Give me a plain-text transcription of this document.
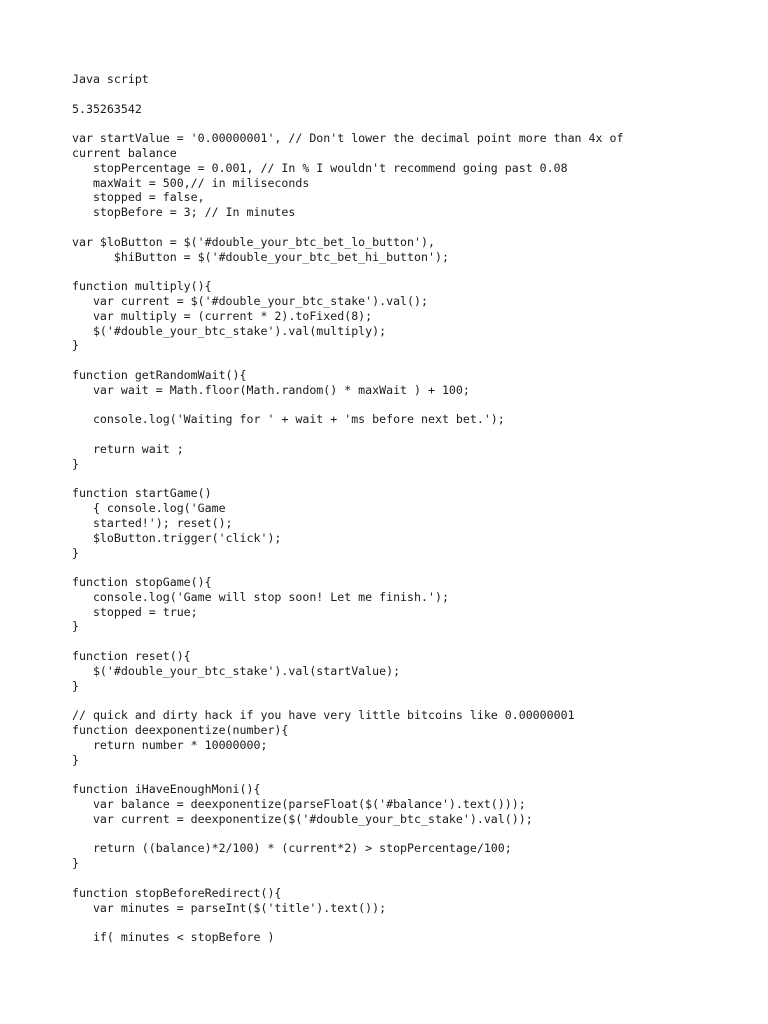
Java script
5.35263542
var startValue = '0.00000001', // Don't lower the decimal point more than 4x of
current balance
stopPercentage = 0.001, // In % I wouldn't recommend going past 0.08
maxWait = 500,// in miliseconds
stopped = false,
stopBefore = 3; // In minutes
var $loButton = $('#double_your_btc_bet_lo_button'),
$hiButton = $('#double_your_btc_bet_hi_button');
function multiply(){
var current = $('#double_your_btc_stake').val();
var multiply = (current * 2).toFixed(8);
$('#double_your_btc_stake').val(multiply);
}
function getRandomWait(){
var wait = Math.floor(Math.random() * maxWait ) + 100;
console.log('Waiting for ' + wait + 'ms before next bet.');
return wait ;
}
function startGame()
{ console.log('Game
started!'); reset();
$loButton.trigger('click');
}
function stopGame(){
console.log('Game will stop soon! Let me finish.');
stopped = true;
}
function reset(){
$('#double_your_btc_stake').val(startValue);
}
// quick and dirty hack if you have very little bitcoins like 0.00000001
function deexponentize(number){
return number * 10000000;
}
function iHaveEnoughMoni(){
var balance = deexponentize(parseFloat($('#balance').text()));
var current = deexponentize($('#double_your_btc_stake').val());
return ((balance)*2/100) * (current*2) > stopPercentage/100;
}
function stopBeforeRedirect(){
var minutes = parseInt($('title').text());
if( minutes < stopBefore )
